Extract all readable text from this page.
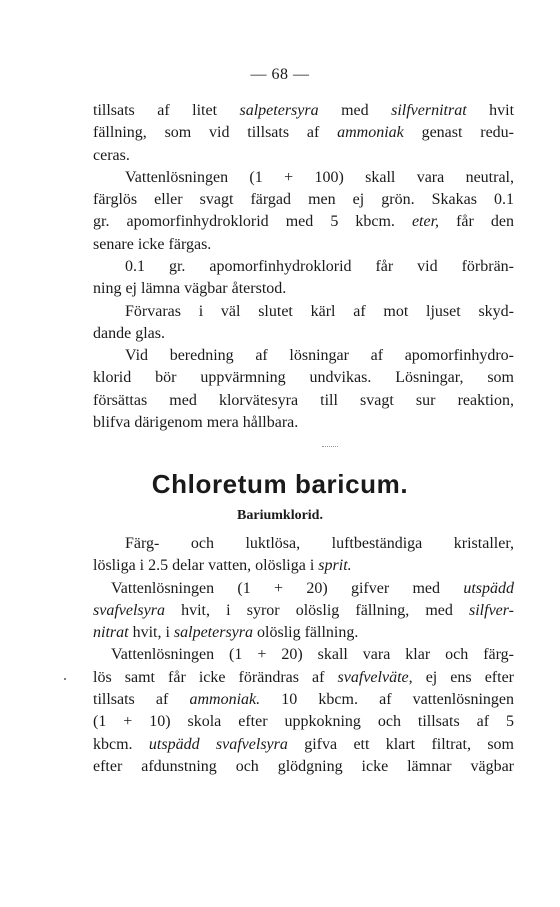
— 68 —
tillsats af litet salpetersyra med silfvernitrat hvit
fällning, som vid tillsats af ammoniak genast redu-
ceras.
Vattenlösningen (1 + 100) skall vara neutral,
färglös eller svagt färgad men ej grön. Skakas 0.1
gr. apomorfinhydroklorid med 5 kbcm. eter, får den
senare icke färgas.
0.1 gr. apomorfinhydroklorid får vid förbrän-
ning ej lämna vägbar återstod.
Förvaras i väl slutet kärl af mot ljuset skyd-
dande glas.
Vid beredning af lösningar af apomorfinhydro-
klorid bör uppvärmning undvikas. Lösningar, som
försättas med klorvätesyra till svagt sur reaktion,
blifva därigenom mera hållbara.
Chloretum baricum.
Bariumklorid.
Färg- och luktlösa, luftbeständiga kristaller,
lösliga i 2.5 delar vatten, olösliga i sprit.
Vattenlösningen (1 + 20) gifver med utspädd
svafvelsyra hvit, i syror olöslig fällning, med silfver-
nitrat hvit, i salpetersyra olöslig fällning.
Vattenlösningen (1 + 20) skall vara klar och färg-
lös samt får icke förändras af svafvelväte, ej ens efter
tillsats af ammoniak. 10 kbcm. af vattenlösningen
(1 + 10) skola efter uppkokning och tillsats af 5
kbcm. utspädd svafvelsyra gifva ett klart filtrat, som
efter afdunstning och glödgning icke lämnar vägbar
